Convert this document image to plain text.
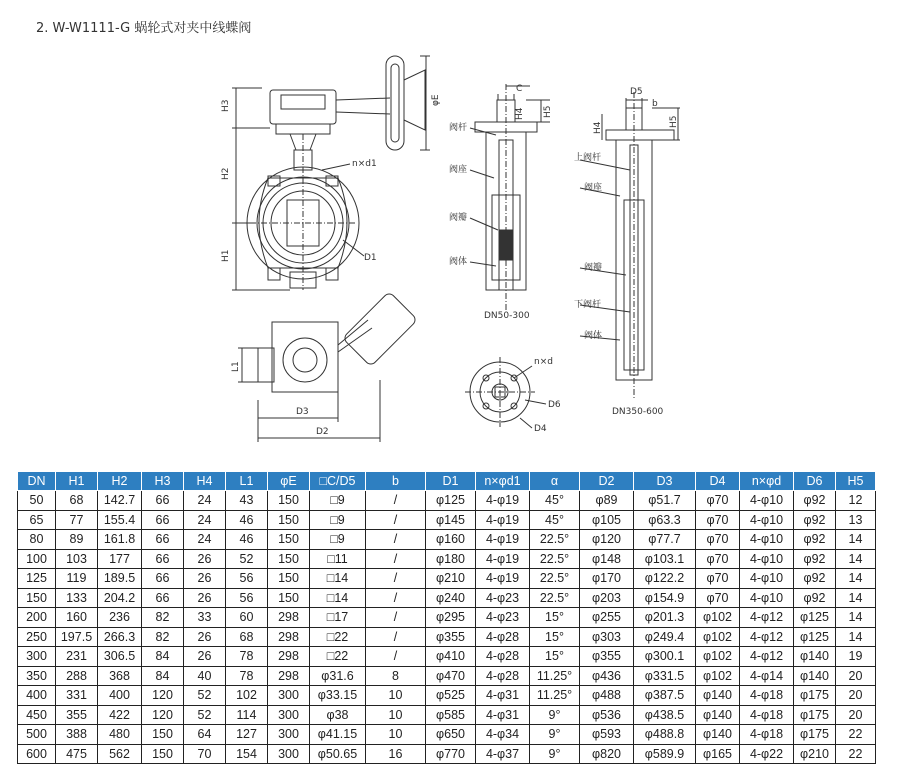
2. W-W1111-G 蜗轮式对夹中线蝶阀
H3
H2
H1
φE
n×d1
D1
L1
D3
D2
C
H4 H5
阀杆
阀座
阀瓣
阀体
DN50-300
D5
b
H4	H5
上阀杆
阀座
阀瓣
下阀杆
阀体
DN350-600
n×d
D6
D4
DN	H1	H2	H3	H4	L1	φE	□C/D5	b	D1	n×φd1	α	D2	D3	D4	n×φd	D6	H5
50	68	142.7	66	24	43	150	□9	/	φ125	4-φ19	45°	φ89	φ51.7	φ70	4-φ10	φ92	12
65	77	155.4	66	24	46	150	□9	/	φ145	4-φ19	45°	φ105	φ63.3	φ70	4-φ10	φ92	13
80	89	161.8	66	24	46	150	□9	/	φ160	4-φ19	22.5°	φ120	φ77.7	φ70	4-φ10	φ92	14
100	103	177	66	26	52	150	□11	/	φ180	4-φ19	22.5°	φ148	φ103.1	φ70	4-φ10	φ92	14
125	119	189.5	66	26	56	150	□14	/	φ210	4-φ19	22.5°	φ170	φ122.2	φ70	4-φ10	φ92	14
150	133	204.2	66	26	56	150	□14	/	φ240	4-φ23	22.5°	φ203	φ154.9	φ70	4-φ10	φ92	14
200	160	236	82	33	60	298	□17	/	φ295	4-φ23	15°	φ255	φ201.3	φ102	4-φ12	φ125	14
250	197.5	266.3	82	26	68	298	□22	/	φ355	4-φ28	15°	φ303	φ249.4	φ102	4-φ12	φ125	14
300	231	306.5	84	26	78	298	□22	/	φ410	4-φ28	15°	φ355	φ300.1	φ102	4-φ12	φ140	19
350	288	368	84	40	78	298	φ31.6	8	φ470	4-φ28	11.25°	φ436	φ331.5	φ102	4-φ14	φ140	20
400	331	400	120	52	102	300	φ33.15	10	φ525	4-φ31	11.25°	φ488	φ387.5	φ140	4-φ18	φ175	20
450	355	422	120	52	114	300	φ38	10	φ585	4-φ31	9°	φ536	φ438.5	φ140	4-φ18	φ175	20
500	388	480	150	64	127	300	φ41.15	10	φ650	4-φ34	9°	φ593	φ488.8	φ140	4-φ18	φ175	22
600	475	562	150	70	154	300	φ50.65	16	φ770	4-φ37	9°	φ820	φ589.9	φ165	4-φ22	φ210	22
